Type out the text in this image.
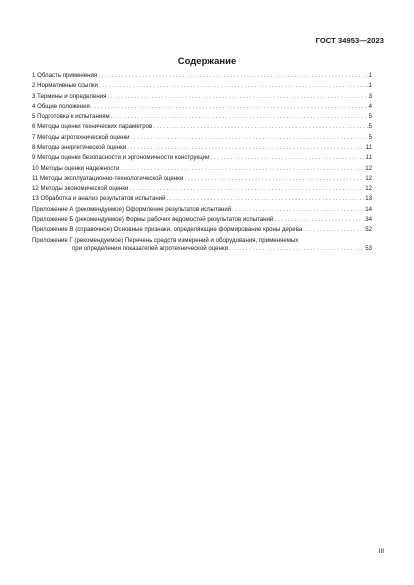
ГОСТ 34953—2023
Содержание
1 Область применения . . .	1
2 Нормативные ссылки . . .	1
3 Термины и определения . . .	3
4 Общие положения . . .	4
5 Подготовка к испытаниям . . .	5
6 Методы оценки технических параметров . . .	5
7 Методы агротехнической оценки . . .	5
8 Методы энергетической оценки . . .	11
9 Методы оценки безопасности и эргономичности конструкции . . .	11
10 Методы оценки надежности . . .	12
11 Методы эксплуатационно-технологической оценки . . .	12
12 Методы экономической оценки . . .	12
13 Обработка и анализ результатов испытаний . . .	13
Приложение А (рекомендуемое) Оформление результатов испытаний . . .	14
Приложение Б (рекомендуемое) Формы рабочих ведомостей результатов испытаний . . .	34
Приложение В (справочное) Основные признаки, определяющие формирование кроны дерева . . .	52
Приложение Г (рекомендуемое) Перечень средств измерений и оборудования, применяемых
при определении показателей агротехнической оценки . . .	53
III
